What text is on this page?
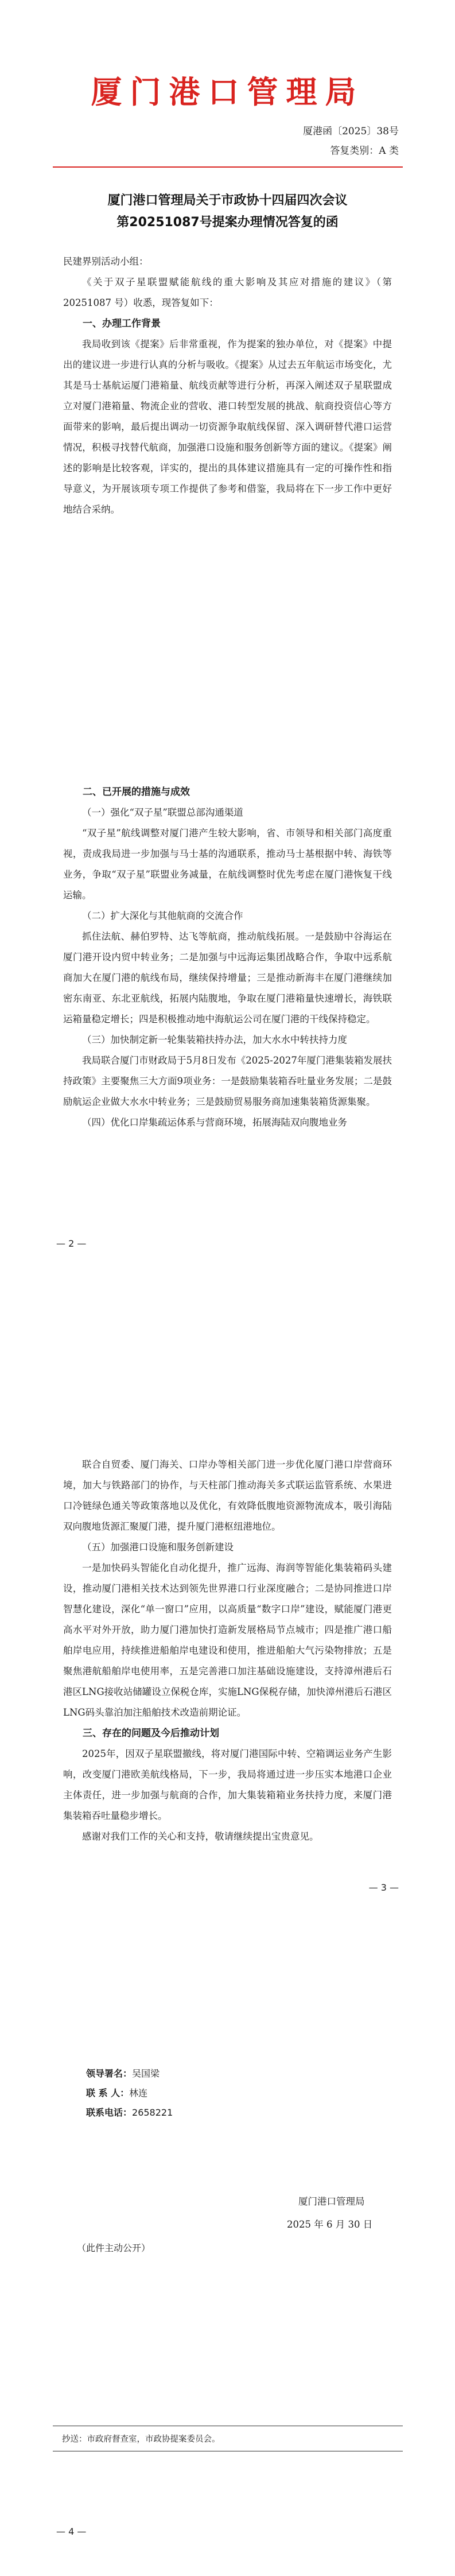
厦门港口管理局
厦港函〔2025〕38号
答复类别：A 类
厦门港口管理局关于市政协十四届四次会议
第20251087号提案办理情况答复的函

民建界别活动小组：

《关于双子星联盟赋能航线的重大影响及其应对措施的建议》（第 20251087 号）收悉，现答复如下：

一、办理工作背景

我局收到该《提案》后非常重视，作为提案的独办单位，对《提案》中提出的建议进一步进行认真的分析与吸收。《提案》从过去五年航运市场变化，尤其是马士基航运厦门港箱量、航线贡献等进行分析，再深入阐述双子星联盟成立对厦门港箱量、物流企业的营收、港口转型发展的挑战、航商投资信心等方面带来的影响，最后提出调动一切资源争取航线保留、深入调研替代港口运营情况，积极寻找替代航商，加强港口设施和服务创新等方面的建议。《提案》阐述的影响是比较客观，详实的，提出的具体建议措施具有一定的可操作性和指导意义，为开展该项专项工作提供了参考和借鉴，我局将在下一步工作中更好地结合采纳。

二、已开展的措施与成效
（一）强化“双子星”联盟总部沟通渠道

“双子星”航线调整对厦门港产生较大影响，省、市领导和相关部门高度重视，责成我局进一步加强与马士基的沟通联系，推动马士基根据中转、海铁等业务，争取“双子星”联盟业务减量，在航线调整时优先考虑在厦门港恢复干线运输。

（二）扩大深化与其他航商的交流合作

抓住法航、赫伯罗特、达飞等航商，推动航线拓展。一是鼓励中谷海运在厦门港开设内贸中转业务；二是加强与中远海运集团战略合作，争取中远系航商加大在厦门港的航线布局，继续保持增量；三是推动新海丰在厦门港继续加密东南亚、东北亚航线，拓展内陆腹地，争取在厦门港箱量快速增长，海铁联运箱量稳定增长；四是积极推动地中海航运公司在厦门港的干线保持稳定。

（三）加快制定新一轮集装箱扶持办法，加大水水中转扶持力度

我局联合厦门市财政局于5月8日发布《2025-2027年厦门港集装箱发展扶持政策》主要聚焦三大方面9项业务：一是鼓励集装箱吞吐量业务发展；二是鼓励航运企业做大水水中转业务；三是鼓励贸易服务商加速集装箱货源集聚。

（四）优化口岸集疏运体系与营商环境，拓展海陆双向腹地业务
— 2 —

联合自贸委、厦门海关、口岸办等相关部门进一步优化厦门港口岸营商环境，加大与铁路部门的协作，与天柱部门推动海关多式联运监管系统、水果进口冷链绿色通关等政策落地以及优化，有效降低腹地资源物流成本，吸引海陆双向腹地货源汇聚厦门港，提升厦门港枢纽港地位。

（五）加强港口设施和服务创新建设

一是加快码头智能化自动化提升，推广远海、海润等智能化集装箱码头建设，推动厦门港相关技术达到领先世界港口行业深度融合；二是协同推进口岸智慧化建设，深化“单一窗口”应用，以高质量“数字口岸”建设，赋能厦门港更高水平对外开放，助力厦门港加快打造新发展格局节点城市；四是推广港口船舶岸电应用，持续推进船舶岸电建设和使用，推进船舶大气污染物排放；五是聚焦港航船舶岸电使用率，五是完善港口加注基础设施建设，支持漳州港后石港区LNG接收站储罐设立保税仓库，实施LNG保税存储，加快漳州港后石港区LNG码头靠泊加注船舶技术改造前期论证。

三、存在的问题及今后推动计划

2025年，因双子星联盟撤线，将对厦门港国际中转、空箱调运业务产生影响，改变厦门港欧美航线格局，下一步，我局将通过进一步压实本地港口企业主体责任，进一步加强与航商的合作，加大集装箱箱业务扶持力度，来厦门港集装箱吞吐量稳步增长。

感谢对我们工作的关心和支持，敬请继续提出宝贵意见。

— 3 —
领导署名：吴国梁
联 系 人：林连
联系电话：2658221
厦门港口管理局
2025 年 6 月 30 日
（此件主动公开）
抄送：市政府督查室，市政协提案委员会。
— 4 —
